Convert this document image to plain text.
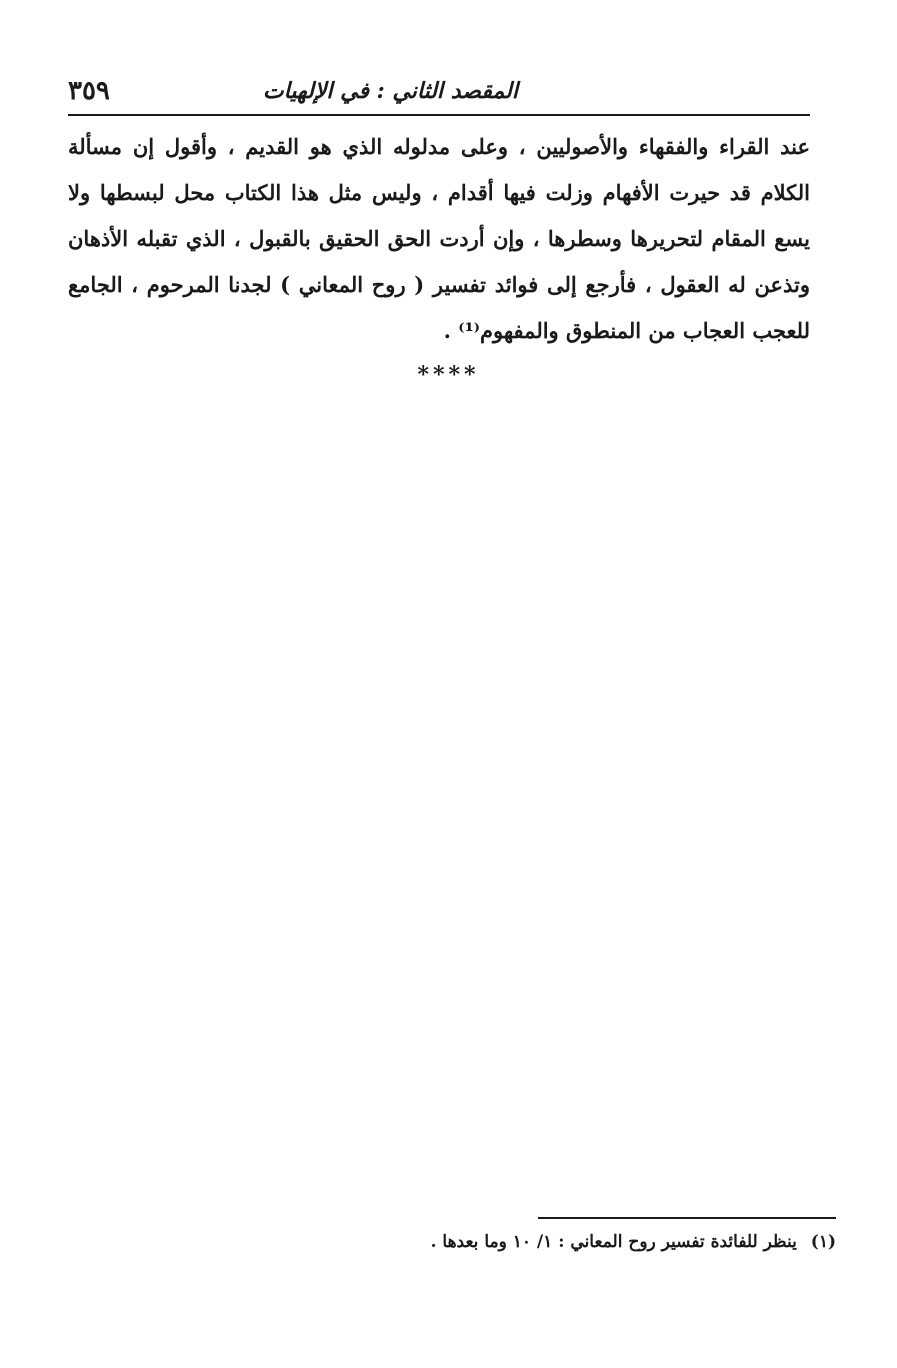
المقصد الثاني : في الإلهيات
٣٥٩
عند القراء والفقهاء والأصوليين ، وعلى مدلوله الذي هو القديم ، وأقول إن مسألة
الكلام قد حيرت الأفهام وزلت فيها أقدام ، وليس مثل هذا الكتاب محل لبسطها ولا
يسع المقام لتحريرها وسطرها ، وإن أردت الحق الحقيق بالقبول ، الذي تقبله الأذهان
وتذعن له العقول ، فأرجع إلى فوائد تفسير ( روح المعاني ) لجدنا المرحوم ، الجامع
للعجب العجاب من المنطوق والمفهوم⁽¹⁾ .
****
(١) ينظر للفائدة تفسير روح المعاني : ١/ ١٠ وما بعدها .
